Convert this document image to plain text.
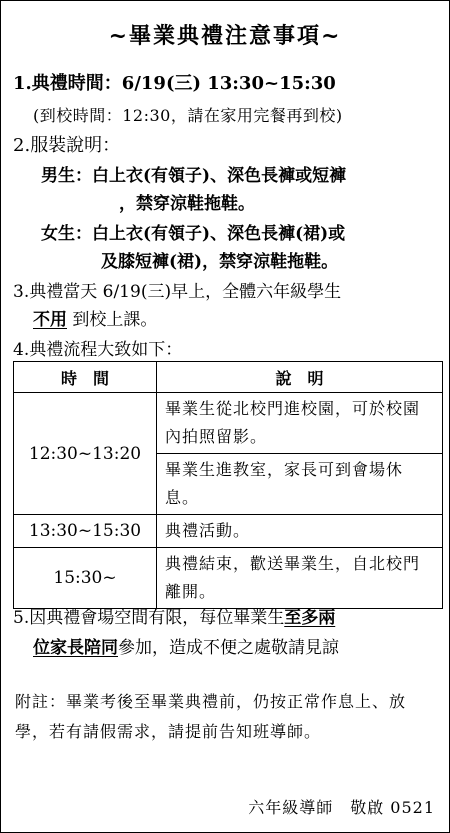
~畢業典禮注意事項~
1.典禮時間：6/19(三) 13:30~15:30
(到校時間：12:30，請在家用完餐再到校)
2.服裝說明：
男生：白上衣(有領子)、深色長褲或短褲
，禁穿涼鞋拖鞋。
女生：白上衣(有領子)、深色長褲(裙)或
及膝短褲(裙)，禁穿涼鞋拖鞋。
3.典禮當天 6/19(三)早上，全體六年級學生
不用 到校上課。
4.典禮流程大致如下：
時　間	說　明
12:30~13:20	畢業生從北校門進校園，可於校園內拍照留影。
	畢業生進教室，家長可到會場休息。
13:30~15:30	典禮活動。
15:30~	典禮結束，歡送畢業生，自北校門離開。
5.因典禮會場空間有限，每位畢業生至多兩
位家長陪同參加，造成不便之處敬請見諒
附註：畢業考後至畢業典禮前，仍按正常作息上、放學，若有請假需求，請提前告知班導師。
六年級導師　敬啟 0521
